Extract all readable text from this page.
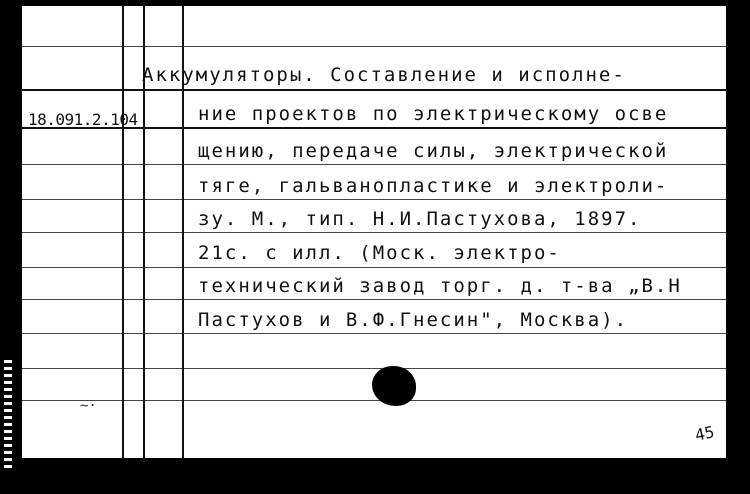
18.091.2.104
Аккумуляторы. Составление и исполне-
ние проектов по электрическому осве
щению, передаче силы, электрической
тяге, гальванопластике и электроли-
зу. М., тип. Н.И.Пастухова, 1897.
21с. с илл. (Моск. электро-
технический завод торг. д. т-ва „В.Н
Пастухов и В.Ф.Гнесин", Москва).
~·
45
